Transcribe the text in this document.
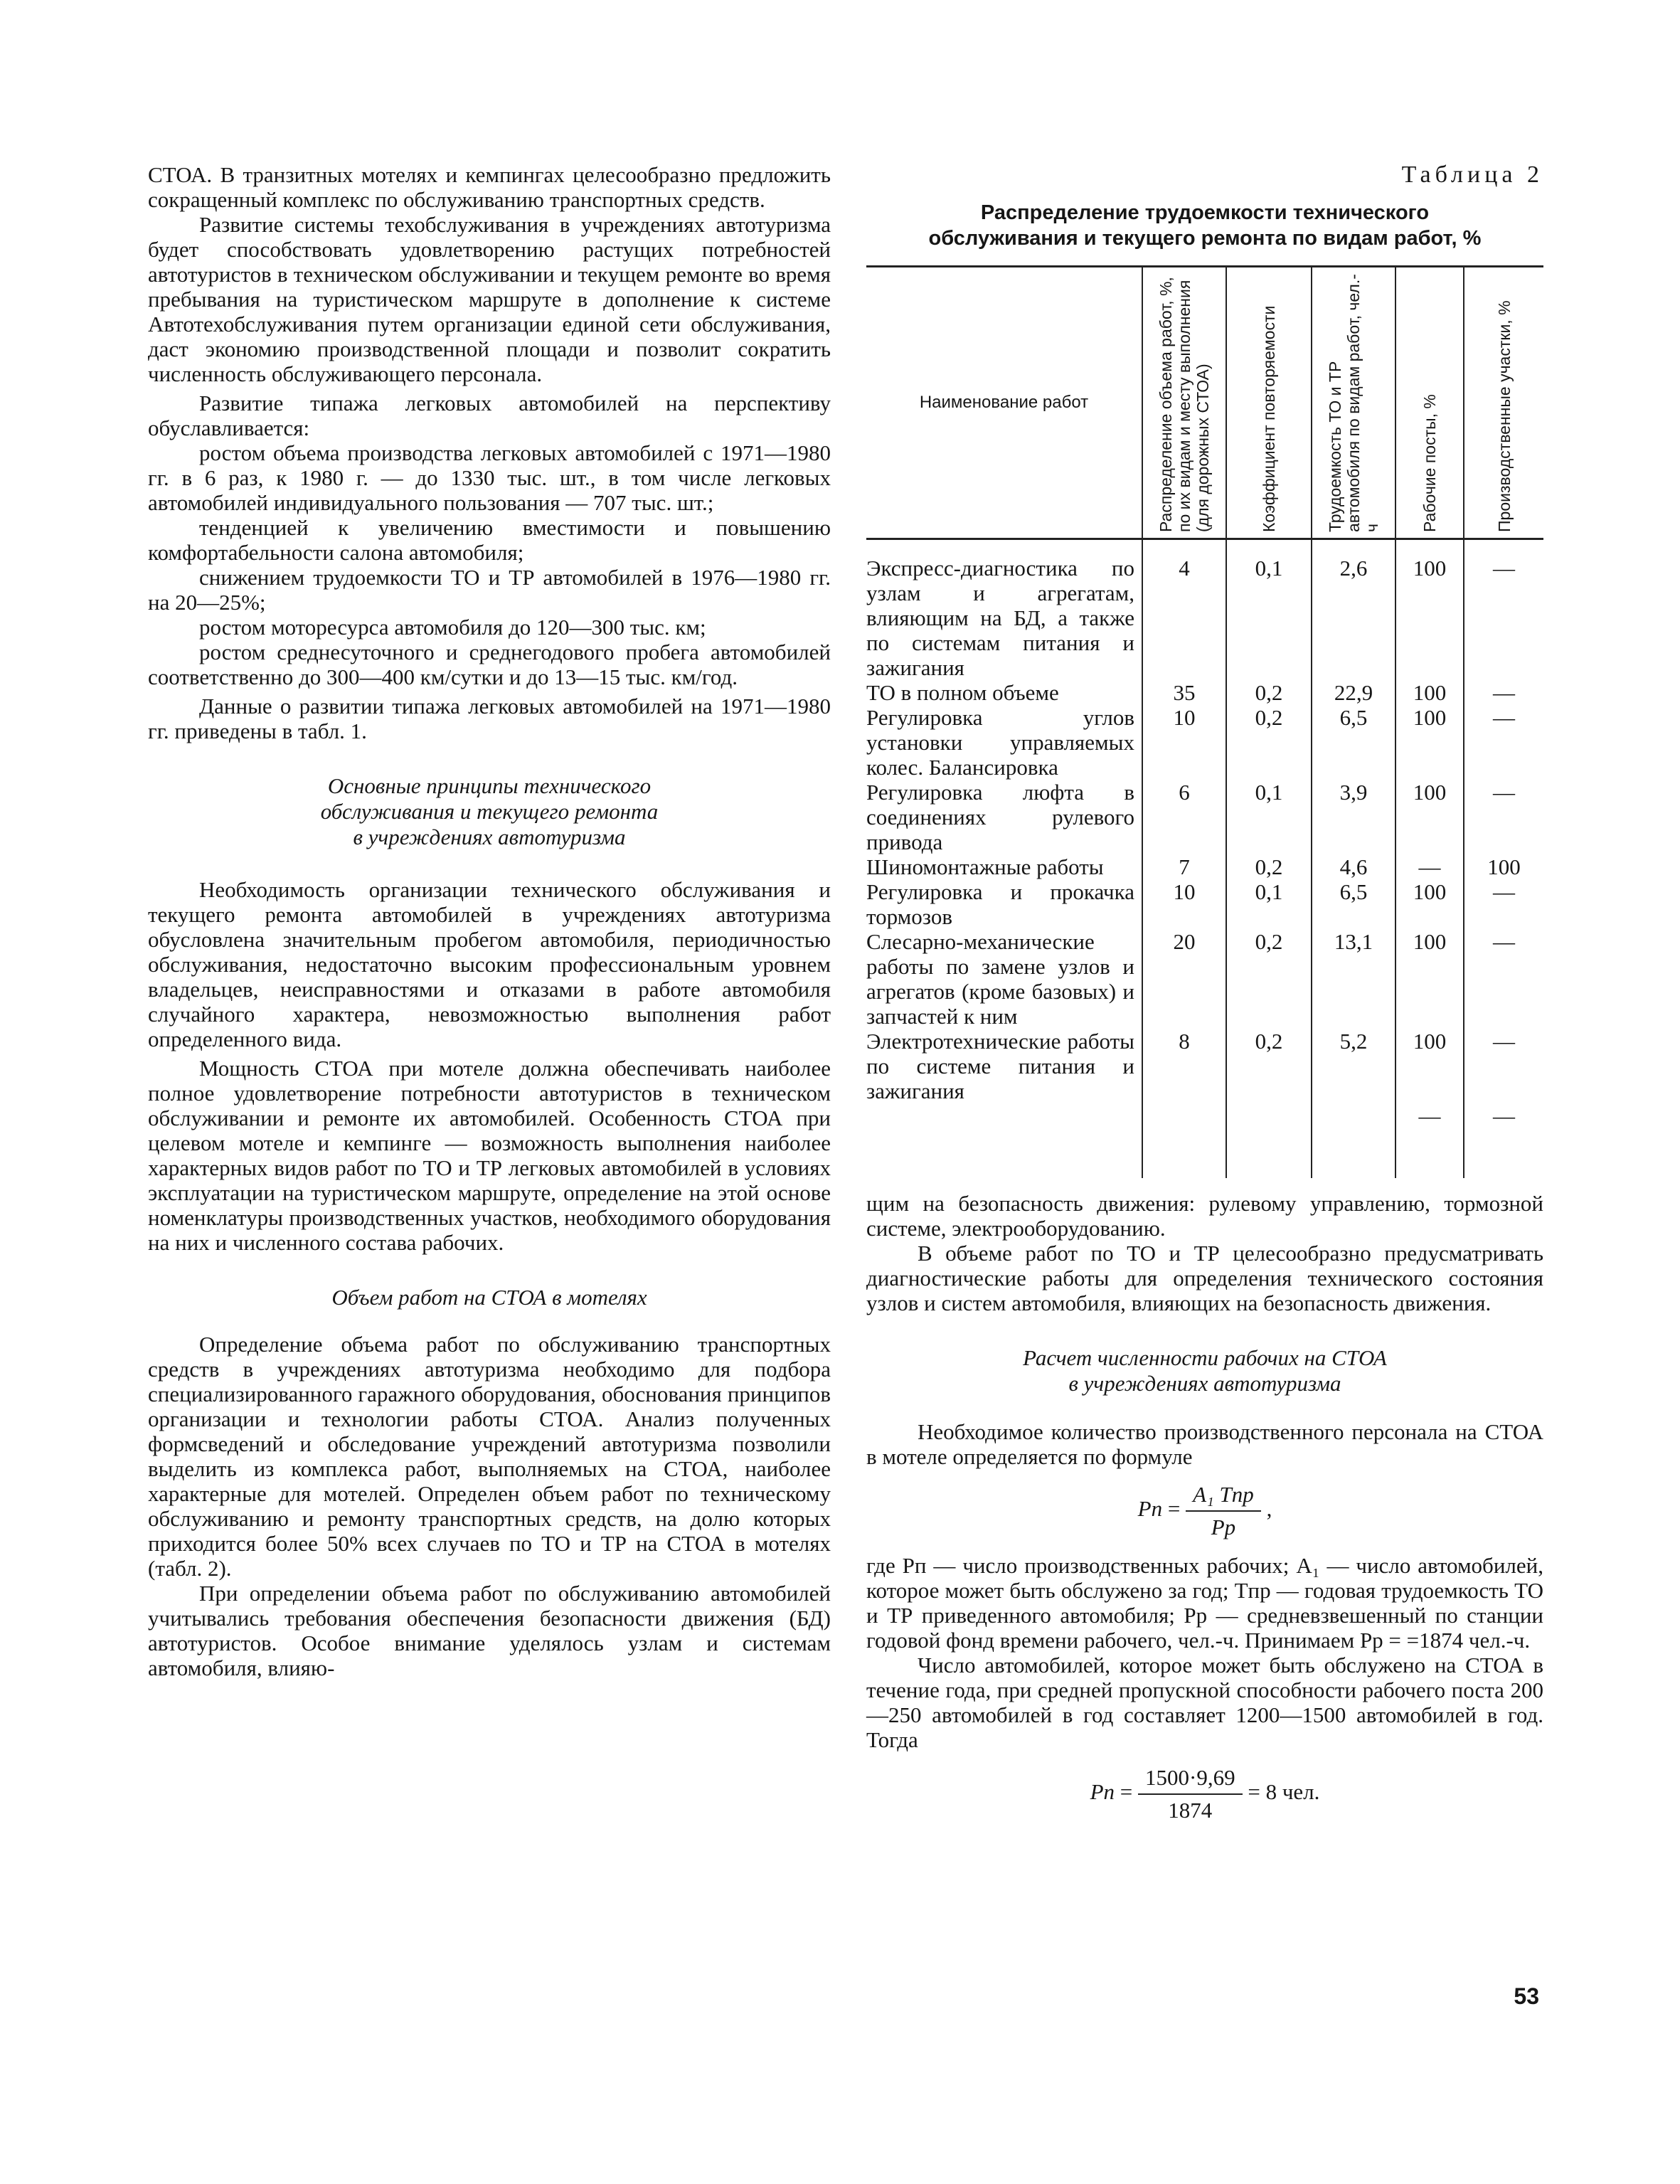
СТОА. В транзитных мотелях и кемпингах целесообразно предложить сокращенный комплекс по обслуживанию транспортных средств.

Развитие системы техобслуживания в учреждениях автотуризма будет способствовать удовлетворению растущих потребностей автотуристов в техническом обслуживании и текущем ремонте во время пребывания на туристическом маршруте в дополнение к системе Автотехобслуживания путем организации единой сети обслуживания, даст экономию производственной площади и позволит сократить численность обслуживающего персонала.

Развитие типажа легковых автомобилей на перспективу обуславливается:

ростом объема производства легковых автомобилей с 1971—1980 гг. в 6 раз, к 1980 г. — до 1330 тыс. шт., в том числе легковых автомобилей индивидуального пользования — 707 тыс. шт.;

тенденцией к увеличению вместимости и повышению комфортабельности салона автомобиля;

снижением трудоемкости ТО и ТР автомобилей в 1976—1980 гг. на 20—25%;

ростом моторесурса автомобиля до 120—300 тыс. км;

ростом среднесуточного и среднегодового пробега автомобилей соответственно до 300—400 км/сутки и до 13—15 тыс. км/год.

Данные о развитии типажа легковых автомобилей на 1971—1980 гг. приведены в табл. 1.

Основные принципы технического
обслуживания и текущего ремонта
в учреждениях автотуризма

Необходимость организации технического обслуживания и текущего ремонта автомобилей в учреждениях автотуризма обусловлена значительным пробегом автомобиля, периодичностью обслуживания, недостаточно высоким профессиональным уровнем владельцев, неисправностями и отказами в работе автомобиля случайного характера, невозможностью выполнения работ определенного вида.

Мощность СТОА при мотеле должна обеспечивать наиболее полное удовлетворение потребности автотуристов в техническом обслуживании и ремонте их автомобилей. Особенность СТОА при целевом мотеле и кемпинге — возможность выполнения наиболее характерных видов работ по ТО и ТР легковых автомобилей в условиях эксплуатации на туристическом маршруте, определение на этой основе номенклатуры производственных участков, необходимого оборудования на них и численного состава рабочих.

Объем работ на СТОА в мотелях

Определение объема работ по обслуживанию транспортных средств в учреждениях автотуризма необходимо для подбора специализированного гаражного оборудования, обоснования принципов организации и технологии работы СТОА. Анализ полученных формсведений и обследование учреждений автотуризма позволили выделить из комплекса работ, выполняемых на СТОА, наиболее характерные для мотелей. Определен объем работ по техническому обслуживанию и ремонту транспортных средств, на долю которых приходится более 50% всех случаев по ТО и ТР на СТОА в мотелях (табл. 2).

При определении объема работ по обслуживанию автомобилей учитывались требования обеспечения безопасности движения (БД) автотуристов. Особое внимание уделялось узлам и системам автомобиля, влияю-

Таблица 2

Распределение трудоемкости технического
обслуживания и текущего ремонта по видам работ, %
Наименование работ	Распределение объема работ, %, по их видам и месту выполнения (для дорожных СТОА)	Коэффициент повторяемости	Трудоемкость ТО и ТР автомобиля по видам работ, чел.-ч	Рабочие посты, %	Производственные участки, %

Экспресс-диагностика по узлам и агрегатам, влияющим на БД, а также по системам питания и зажигания	4	0,1	2,6	100	—
ТО в полном объеме	35	0,2	22,9	100	—
Регулировка углов установки управляемых колес. Балансировка	10	0,2	6,5	100	—
Регулировка люфта в соединениях рулевого привода	6	0,1	3,9	100	—
Шиномонтажные работы	7	0,2	4,6	—	100
Регулировка и прокачка тормозов	10	0,1	6,5	100	—
Слесарно-механические работы по замене узлов и агрегатов (кроме базовых) и запчастей к ним	20	0,2	13,1	100	—
Электротехнические работы по системе питания и зажигания	8	0,2	5,2	100	—
				—	—

щим на безопасность движения: рулевому управлению, тормозной системе, электрооборудованию.

В объеме работ по ТО и ТР целесообразно предусматривать диагностические работы для определения технического состояния узлов и систем автомобиля, влияющих на безопасность движения.

Расчет численности рабочих на СТОА
в учреждениях автотуризма

Необходимое количество производственного персонала на СТОА в мотеле определяется по формуле

Pп = $\frac{\text{A₁ Tпр}}{Pр}$ ,

где Pп — число производственных рабочих; A₁ — число автомобилей, которое может быть обслужено за год; Tпр — годовая трудоемкость ТО и ТР приведенного автомобиля; Pр — средневзвешенный по станции годовой фонд времени рабочего, чел.-ч. Принимаем Pр = =1874 чел.-ч.

Число автомобилей, которое может быть обслужено на СТОА в течение года, при средней пропускной способности рабочего поста 200—250 автомобилей в год составляет 1200—1500 автомобилей в год. Тогда

Pп = $\frac{1500\cdot 9,69}{1874} = 8$ чел.
53
